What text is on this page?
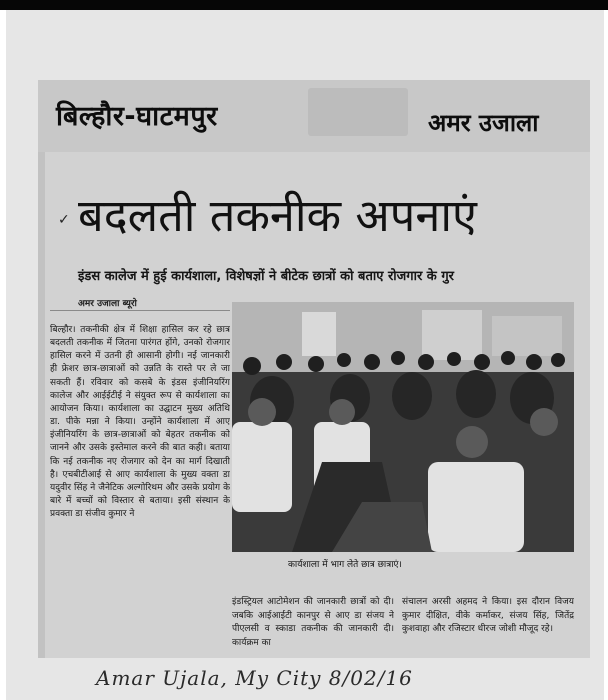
बिल्हौर-घाटमपुर	अमर उजाला
✓ बदलती तकनीक अपनाएं
इंडस कालेज में हुई कार्यशाला, विशेषज्ञों ने बीटेक छात्रों को बताए रोजगार के गुर
अमर उजाला ब्यूरो
बिल्हौर। तकनीकी क्षेत्र में शिक्षा हासिल कर रहे छात्र बदलती तकनीक में जितना पारंगत होंगे, उनको रोजगार हासिल करने में उतनी ही आसानी होगी। नई जानकारी ही फ्रेशर छात्र-छात्राओं को उन्नति के रास्ते पर ले जा सकती हैं। रविवार को कसबे के इंडस इंजीनियरिंग कालेज और आईईटीई ने संयुक्त रूप से कार्यशाला का आयोजन किया। कार्यशाला का उद्घाटन मुख्य अतिथि डा. पीके मन्ना ने किया। उन्होंने कार्यशाला में आए इंजीनियरिंग के छात्र-छात्राओं को बेहतर तकनीक को जानने और उसके इस्तेमाल करने की बात कही। बताया कि नई तकनीक नए रोजगार को देन का मार्ग दिखाती है। एचबीटीआई से आए कार्यशाला के मुख्य वक्ता डा यदुवीर सिंह ने जैनेटिक अल्गोरिथम और उसके प्रयोग के बारे में बच्चों को विस्तार से बताया। इसी संस्थान के प्रवक्ता डा संजीव कुमार ने
कार्यशाला में भाग लेते छात्र छात्राएं।
इंडस्ट्रियल आटोमेशन की जानकारी छात्रों को दी। जबकि आईआईटी कानपुर से आए डा संजय ने पीएलसी व स्काडा तकनीक की जानकारी दी। कार्यक्रम का
संचालन अरसी अहमद ने किया। इस दौरान विजय कुमार दीक्षित, वीके कर्माकर, संजय सिंह, जितेंद्र कुशवाहा और रजिस्टार धीरज जोशी मौजूद रहे।
Amar Ujala, My City 8/02/16
